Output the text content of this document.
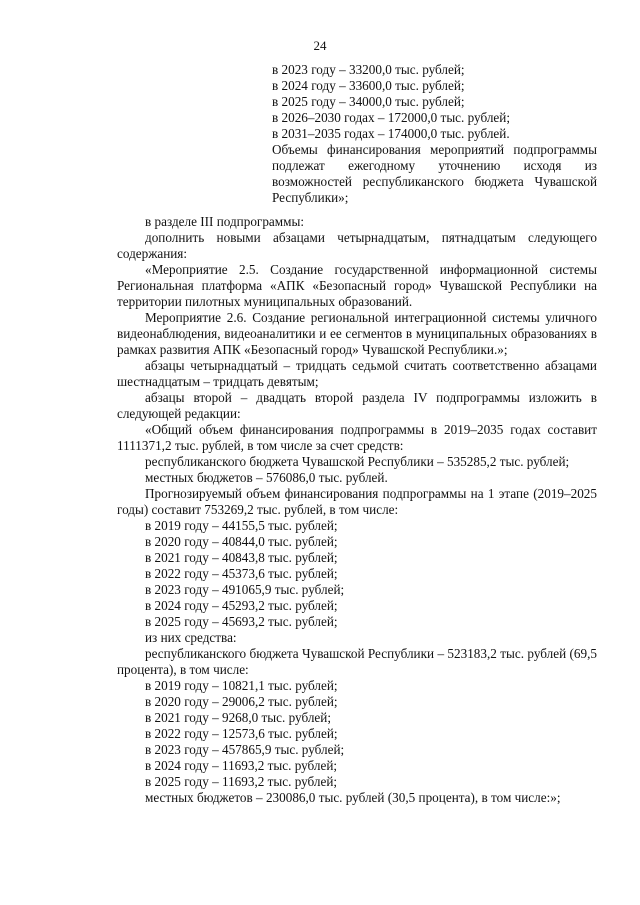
24
в 2023 году – 33200,0 тыс. рублей;
в 2024 году – 33600,0 тыс. рублей;
в 2025 году – 34000,0 тыс. рублей;
в 2026–2030 годах – 172000,0 тыс. рублей;
в 2031–2035 годах – 174000,0 тыс. рублей.
Объемы финансирования мероприятий подпрограммы подлежат ежегодному уточнению исходя из возможностей республиканского бюджета Чувашской Республики»;
в разделе III подпрограммы:
дополнить новыми абзацами четырнадцатым, пятнадцатым следующего содержания:
«Мероприятие 2.5. Создание государственной информационной системы Региональная платформа «АПК «Безопасный город» Чувашской Республики на территории пилотных муниципальных образований.
Мероприятие 2.6. Создание региональной интеграционной системы уличного видеонаблюдения, видеоаналитики и ее сегментов в муниципальных образованиях в рамках развития АПК «Безопасный город» Чувашской Республики.»;
абзацы четырнадцатый – тридцать седьмой считать соответственно абзацами шестнадцатым – тридцать девятым;
абзацы второй – двадцать второй раздела IV подпрограммы изложить в следующей редакции:
«Общий объем финансирования подпрограммы в 2019–2035 годах составит 1111371,2 тыс. рублей, в том числе за счет средств:
республиканского бюджета Чувашской Республики – 535285,2 тыс. рублей;
местных бюджетов – 576086,0 тыс. рублей.
Прогнозируемый объем финансирования подпрограммы на 1 этапе (2019–2025 годы) составит 753269,2 тыс. рублей, в том числе:
в 2019 году – 44155,5 тыс. рублей;
в 2020 году – 40844,0 тыс. рублей;
в 2021 году – 40843,8 тыс. рублей;
в 2022 году – 45373,6 тыс. рублей;
в 2023 году – 491065,9 тыс. рублей;
в 2024 году – 45293,2 тыс. рублей;
в 2025 году – 45693,2 тыс. рублей;
из них средства:
республиканского бюджета Чувашской Республики – 523183,2 тыс. рублей (69,5 процента), в том числе:
в 2019 году – 10821,1 тыс. рублей;
в 2020 году – 29006,2 тыс. рублей;
в 2021 году – 9268,0 тыс. рублей;
в 2022 году – 12573,6 тыс. рублей;
в 2023 году – 457865,9 тыс. рублей;
в 2024 году – 11693,2 тыс. рублей;
в 2025 году – 11693,2 тыс. рублей;
местных бюджетов – 230086,0 тыс. рублей (30,5 процента), в том числе:»;
